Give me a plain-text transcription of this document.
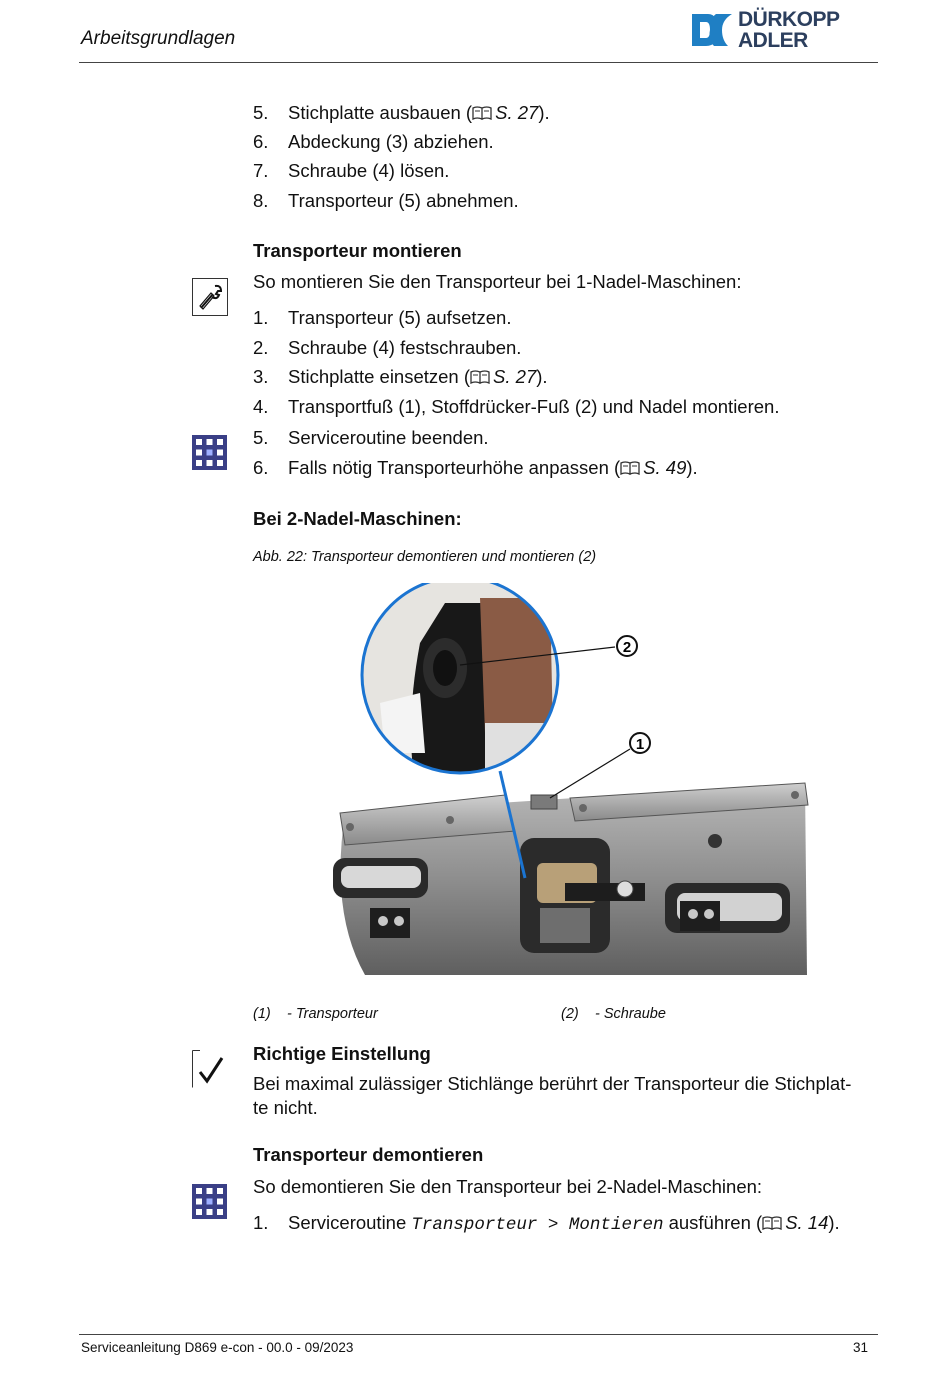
Arbeitsgrundlagen
DÜRKOPP
ADLER
5. Stichplatte ausbauen ( S. 27).
6. Abdeckung (3) abziehen.
7. Schraube (4) lösen.
8. Transporteur (5) abnehmen.
Transporteur montieren
So montieren Sie den Transporteur bei 1-Nadel-Maschinen:
1. Transporteur (5) aufsetzen.
2. Schraube (4) festschrauben.
3. Stichplatte einsetzen ( S. 27).
4. Transportfuß (1), Stoffdrücker-Fuß (2) und Nadel montieren.
5. Serviceroutine beenden.
6. Falls nötig Transporteurhöhe anpassen ( S. 49).
Bei 2-Nadel-Maschinen:
Abb. 22: Transporteur demontieren und montieren (2)
2
1
(1) - Transporteur	(2) - Schraube
Richtige Einstellung
Bei maximal zulässiger Stichlänge berührt der Transporteur die Stichplat-
te nicht.
Transporteur demontieren
So demontieren Sie den Transporteur bei 2-Nadel-Maschinen:
1. Serviceroutine Transporteur > Montieren ausführen ( S. 14).
Serviceanleitung D869 e-con - 00.0 - 09/2023	31
